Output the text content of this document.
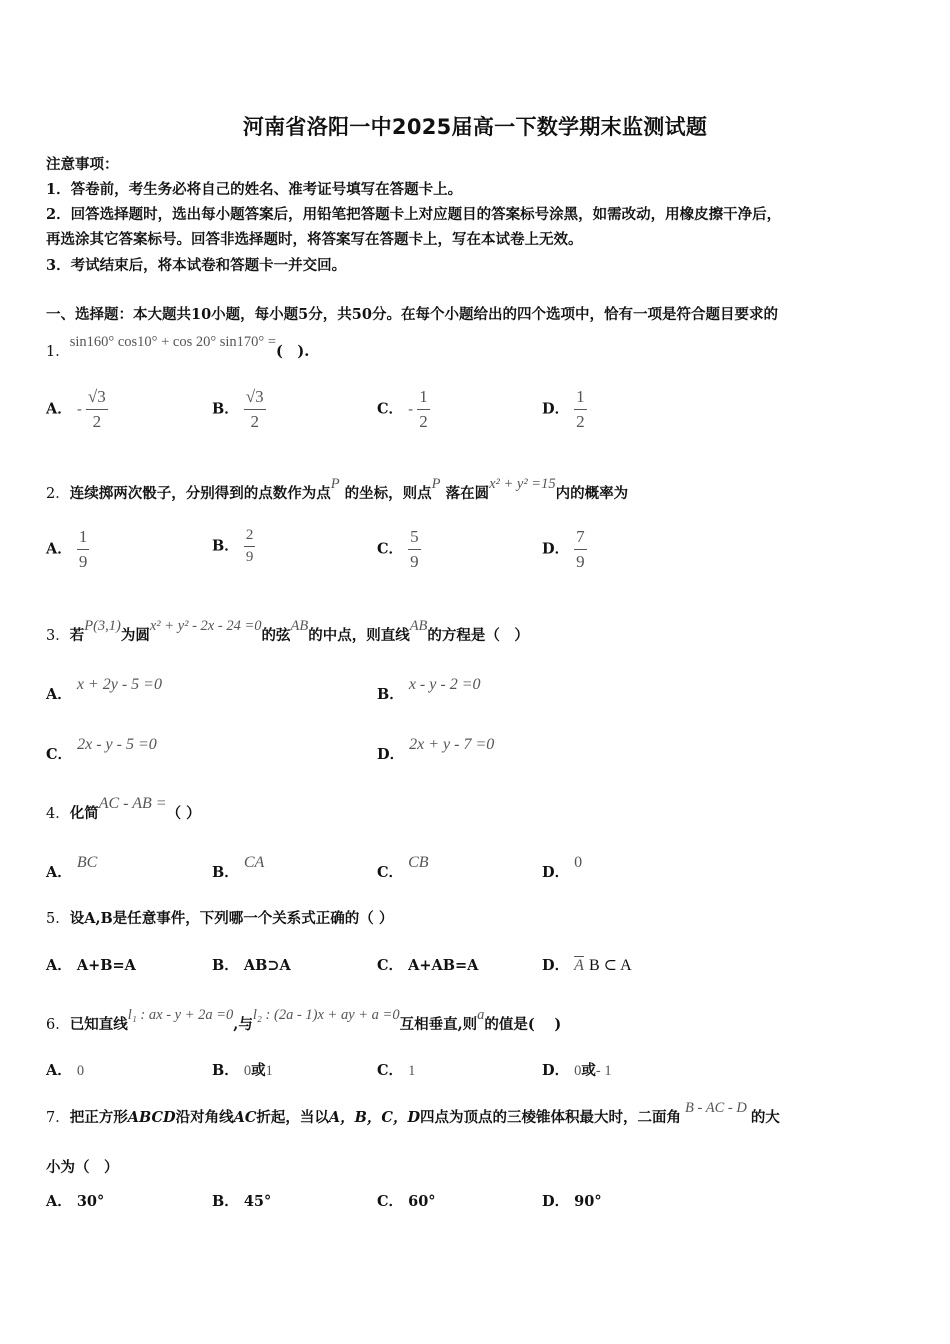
河南省洛阳一中2025届高一下数学期末监测试题
注意事项：
1．答卷前，考生务必将自己的姓名、准考证号填写在答题卡上。
2．回答选择题时，选出每小题答案后，用铅笔把答题卡上对应题目的答案标号涂黑，如需改动，用橡皮擦干净后，
再选涂其它答案标号。回答非选择题时，将答案写在答题卡上，写在本试卷上无效。
3．考试结束后，将本试卷和答题卡一并交回。
一、选择题：本大题共10小题，每小题5分，共50分。在每个小题给出的四个选项中，恰有一项是符合题目要求的
1．sin160° cos10° + cos 20° sin170° =(　).
A． - $\frac{√3}{2}$	B． $\frac{√3}{2}$	C． - $\frac{1}{2}$	D． $\frac{1}{2}$
2．连续掷两次骰子，分别得到的点数作为点P 的坐标，则点P 落在圆x² + y² =15内的概率为
A． $\frac{1}{9}$	B． $\frac{2}{9}$	C． $\frac{5}{9}$	D． $\frac{7}{9}$
3．若P(3,1)为圆x² + y² - 2x - 24 =0的弦AB的中点，则直线AB的方程是（　）
A． x + 2y - 5 =0
B． x - y - 2 =0
C． 2x - y - 5 =0
D． 2x + y - 7 =0
4．化简AC - AB =（ ）
A． BC
B． CA
C． CB
D． 0
5．设A,B是任意事件，下列哪一个关系式正确的（ ）
A． A+B=A	B． AB⊃A	C． A+AB=A	D． $\overline{A}$ B ⊂ A
6．已知直线l₁ : ax - y + 2a =0,与l₂ : (2a - 1)x + ay + a =0互相垂直,则a的值是(　 )
A． 0	B． 0或1	C． 1	D． 0或- 1
7．把正方形ABCD沿对角线AC折起，当以A，B，C，D四点为顶点的三棱锥体积最大时，二面角B - AC - D的大
小为（　）
A． 30°	B． 45°	C． 60°	D． 90°
